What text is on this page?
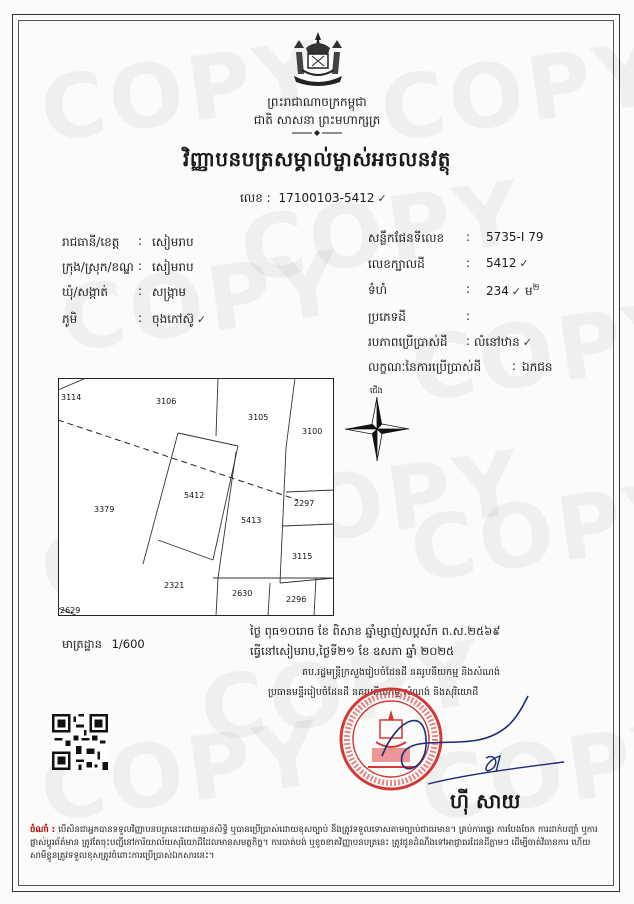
ព្រះរាជាណាចក្រកម្ពុជា
ជាតិ សាសនា ព្រះមហាក្សត្រ
វិញ្ញាបនបត្រសម្គាល់ម្ចាស់អចលនវត្ថុ
លេខ : 17100103-5412 ✓
រាជធានី/ខេត្ត : សៀមរាប
ក្រុង/ស្រុក/ខណ្ឌ : សៀមរាប
ឃុំ/សង្កាត់	: សង្រ្កាម
ភូមិ	: ចុងកៅស៊ូ ✓
សន្លឹកផែនទីលេខ : 5735-I 79
លេខក្បាលដី	: 5412 ✓
ទំហំ	: 234 ✓ ម$^២$
ប្រភេទដី	:
របភាពប្រើប្រាស់ដី : លំនៅឋាន ✓
លក្ខណៈនៃការប្រើប្រាស់ដី	: ឯកជន
3114	3106
3105
3100
5412
2297
3379
5413
3115
2321
2630
2296
2629
ជើង
មាត្រដ្ឋាន 1/600
ថ្ងៃ ពុធ១០រោច ខែ ពិសាខ ឆ្នាំម្សាញ់សប្តស័ក ព.ស.២៥៦៩
ធ្វើនៅសៀមរាប,ថ្ងៃទី២១ ខែ ឧសភា ឆ្នាំ ២០២៥
តប.រដ្ឋមន្ត្រីក្រសួងរៀបចំដែនដី នគរូបនីយកម្ម និងសំណង់
ប្រធានមន្ទីររៀបចំដែនដី នគរូបនីយកម្ម សំណង់ និងសុរិយោដី
ហ៊ី សាយ
ចំណាំ : បើសិនជាអ្នកបានទទួលវិញ្ញាបនបត្រនេះដោយគ្មានសិទ្ធិ ឬបានប្រើប្រាស់ដោយខុសច្បាប់ នឹងត្រូវទទួលទោសតាមច្បាប់ជាធរមាន។ គ្រប់ការផ្ទេរ ការបែងចែក ការដាក់បញ្ចាំ ឬការផ្លាស់ប្តូរព័ត៌មាន ត្រូវតែចុះបញ្ជីនៅការិយាល័យសុរិយោដីដែលមានសមត្ថកិច្ច។ ការបាត់បង់ ឬខូចខាតវិញ្ញាបនបត្រនេះ ត្រូវជូនដំណឹងទៅអាជ្ញាធរដែនដីភ្លាមៗ ដើម្បីចាត់វិធានការ ហើយសាមីខ្លួនត្រូវទទួលខុសត្រូវចំពោះការប្រើប្រាស់ឯកសារនេះ។
